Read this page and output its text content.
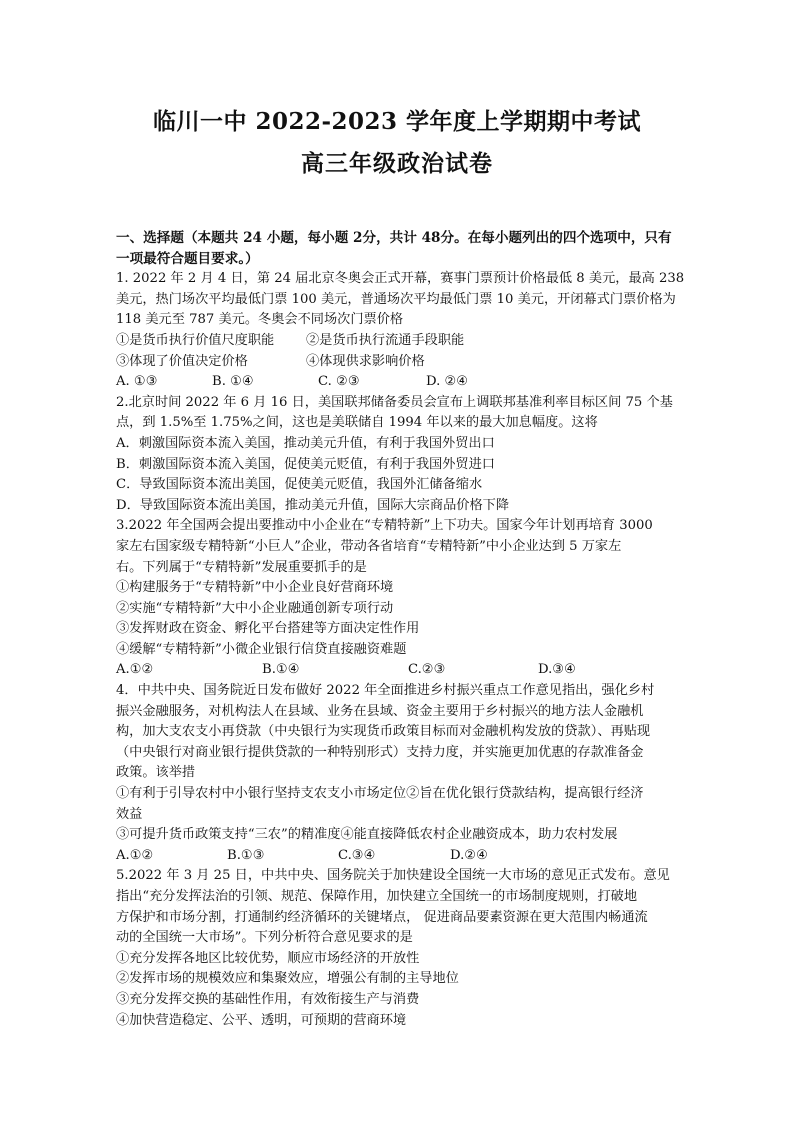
临川一中 2022-2023 学年度上学期期中考试
高三年级政治试卷
一、选择题（本题共 24 小题，每小题 2分，共计 48分。在每小题列出的四个选项中，只有
一项最符合题目要求。）
1. 2022 年 2 月 4 日，第 24 届北京冬奥会正式开幕，赛事门票预计价格最低 8 美元，最高 238
美元，热门场次平均最低门票 100 美元，普通场次平均最低门票 10 美元，开闭幕式门票价格为
118 美元至 787 美元。冬奥会不同场次门票价格
①是货币执行价值尺度职能	②是货币执行流通手段职能
③体现了价值决定价格	④体现供求影响价格
A. ①③	B. ①④	C. ②③	D. ②④
2.北京时间 2022 年 6 月 16 日，美国联邦储备委员会宣布上调联邦基准利率目标区间 75 个基
点，到 1.5%至 1.75%之间，这也是美联储自 1994 年以来的最大加息幅度。这将
A．刺激国际资本流入美国，推动美元升值，有利于我国外贸出口
B．刺激国际资本流入美国，促使美元贬值，有利于我国外贸进口
C．导致国际资本流出美国，促使美元贬值，我国外汇储备缩水
D．导致国际资本流出美国，推动美元升值，国际大宗商品价格下降
3.2022 年全国两会提出要推动中小企业在“专精特新”上下功夫。国家今年计划再培育 3000
家左右国家级专精特新“小巨人”企业，带动各省培育“专精特新”中小企业达到 5 万家左
右。下列属于“专精特新”发展重要抓手的是
①构建服务于“专精特新”中小企业良好营商环境
②实施“专精特新”大中小企业融通创新专项行动
③发挥财政在资金、孵化平台搭建等方面决定性作用
④缓解“专精特新”小微企业银行信贷直接融资难题
A.①②	B.①④	C.②③	D.③④
4．中共中央、国务院近日发布做好 2022 年全面推进乡村振兴重点工作意见指出，强化乡村
振兴金融服务，对机构法人在县域、业务在县域、资金主要用于乡村振兴的地方法人金融机
构，加大支农支小再贷款（中央银行为实现货币政策目标而对金融机构发放的贷款）、再贴现
（中央银行对商业银行提供贷款的一种特别形式）支持力度，并实施更加优惠的存款准备金
政策。该举措
①有利于引导农村中小银行坚持支农支小市场定位②旨在优化银行贷款结构，提高银行经济
效益
③可提升货币政策支持“三农”的精准度④能直接降低农村企业融资成本，助力农村发展
A.①②	B.①③	C.③④	D.②④
5.2022 年 3 月 25 日，中共中央、国务院关于加快建设全国统一大市场的意见正式发布。意见
指出“充分发挥法治的引领、规范、保障作用，加快建立全国统一的市场制度规则，打破地
方保护和市场分割，打通制约经济循环的关键堵点， 促进商品要素资源在更大范围内畅通流
动的全国统一大市场”。下列分析符合意见要求的是
①充分发挥各地区比较优势，顺应市场经济的开放性
②发挥市场的规模效应和集聚效应，增强公有制的主导地位
③充分发挥交换的基础性作用，有效衔接生产与消费
④加快营造稳定、公平、透明，可预期的营商环境
